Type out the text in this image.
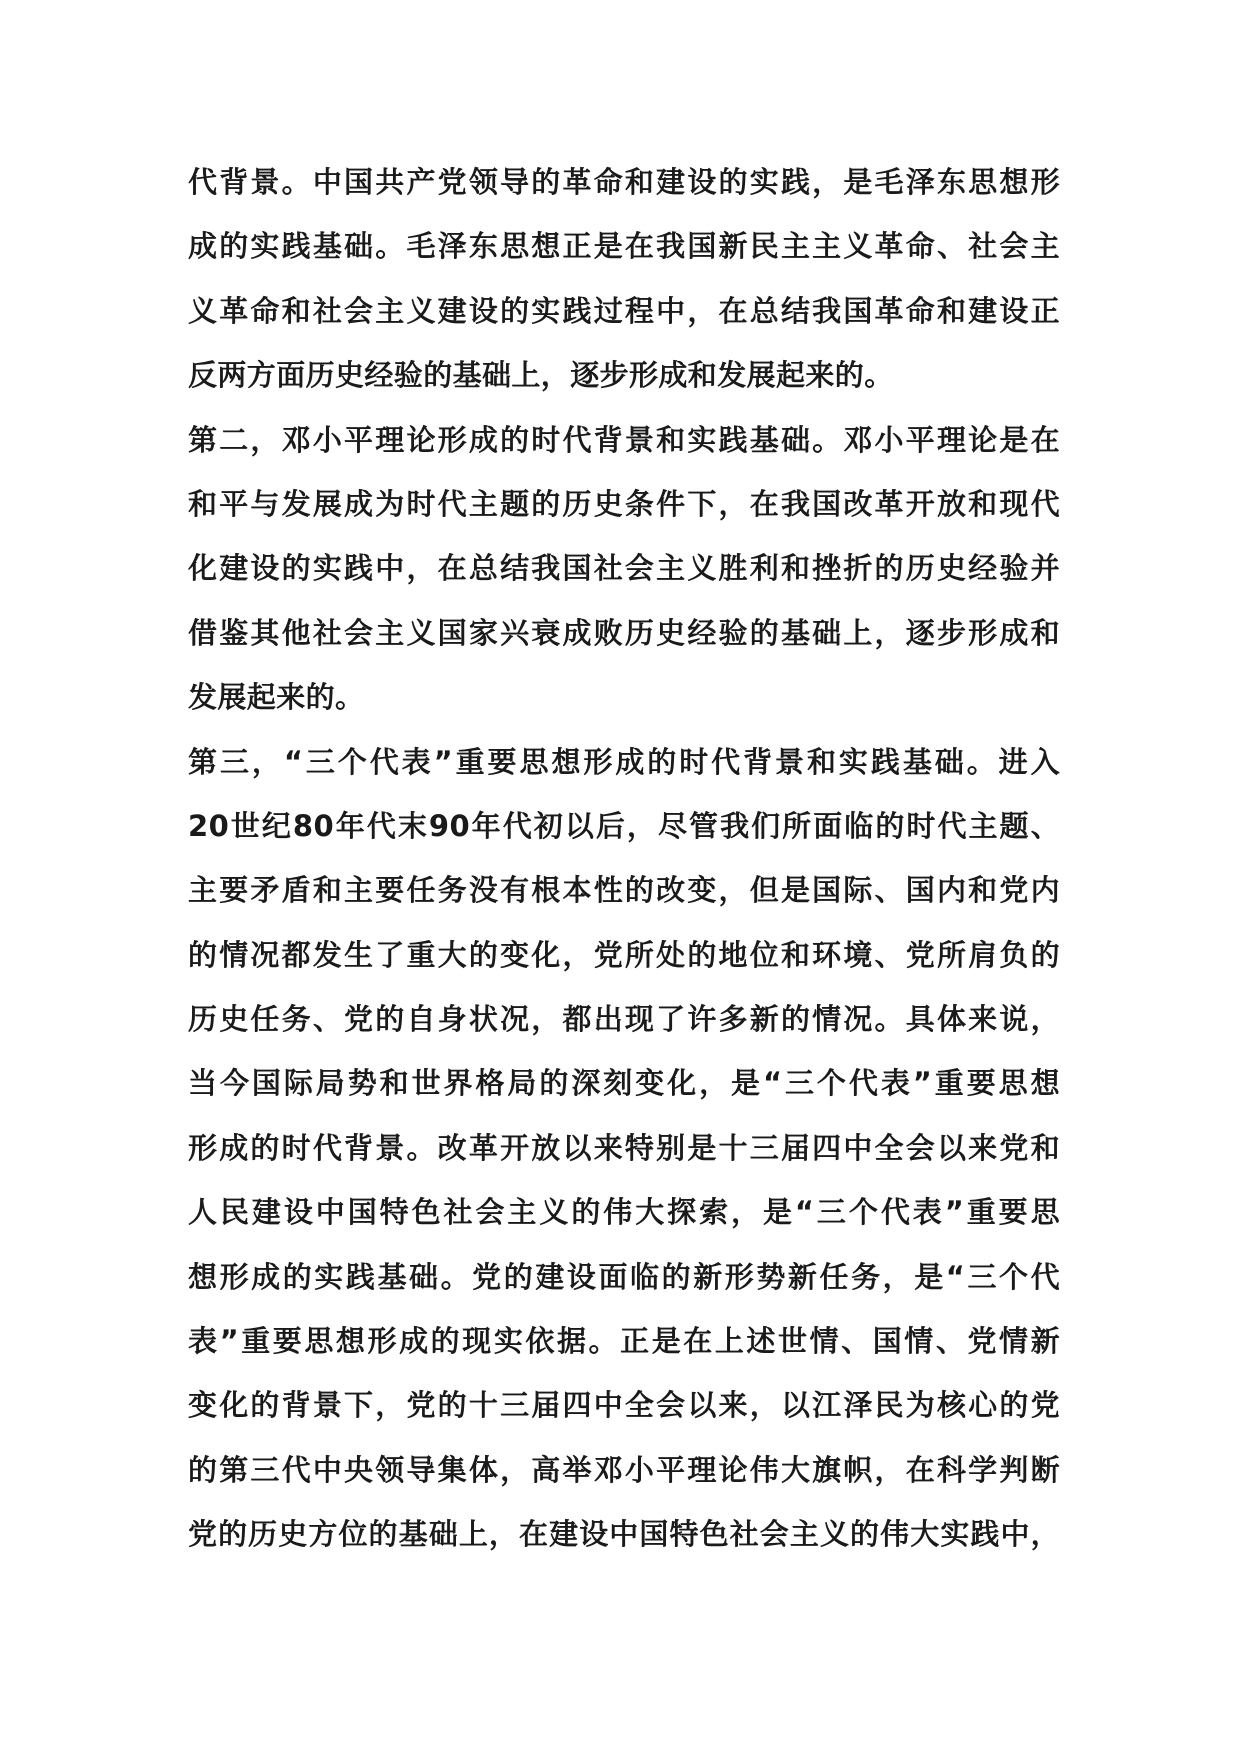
代背景。中国共产党领导的革命和建设的实践，是毛泽东思想形
成的实践基础。毛泽东思想正是在我国新民主主义革命、社会主
义革命和社会主义建设的实践过程中，在总结我国革命和建设正
反两方面历史经验的基础上，逐步形成和发展起来的。
第二，邓小平理论形成的时代背景和实践基础。邓小平理论是在
和平与发展成为时代主题的历史条件下，在我国改革开放和现代
化建设的实践中，在总结我国社会主义胜利和挫折的历史经验并
借鉴其他社会主义国家兴衰成败历史经验的基础上，逐步形成和
发展起来的。
第三，“三个代表”重要思想形成的时代背景和实践基础。进入
20世纪80年代末90年代初以后，尽管我们所面临的时代主题、
主要矛盾和主要任务没有根本性的改变，但是国际、国内和党内
的情况都发生了重大的变化，党所处的地位和环境、党所肩负的
历史任务、党的自身状况，都出现了许多新的情况。具体来说，
当今国际局势和世界格局的深刻变化，是“三个代表”重要思想
形成的时代背景。改革开放以来特别是十三届四中全会以来党和
人民建设中国特色社会主义的伟大探索，是“三个代表”重要思
想形成的实践基础。党的建设面临的新形势新任务，是“三个代
表”重要思想形成的现实依据。正是在上述世情、国情、党情新
变化的背景下，党的十三届四中全会以来，以江泽民为核心的党
的第三代中央领导集体，高举邓小平理论伟大旗帜，在科学判断
党的历史方位的基础上，在建设中国特色社会主义的伟大实践中，
